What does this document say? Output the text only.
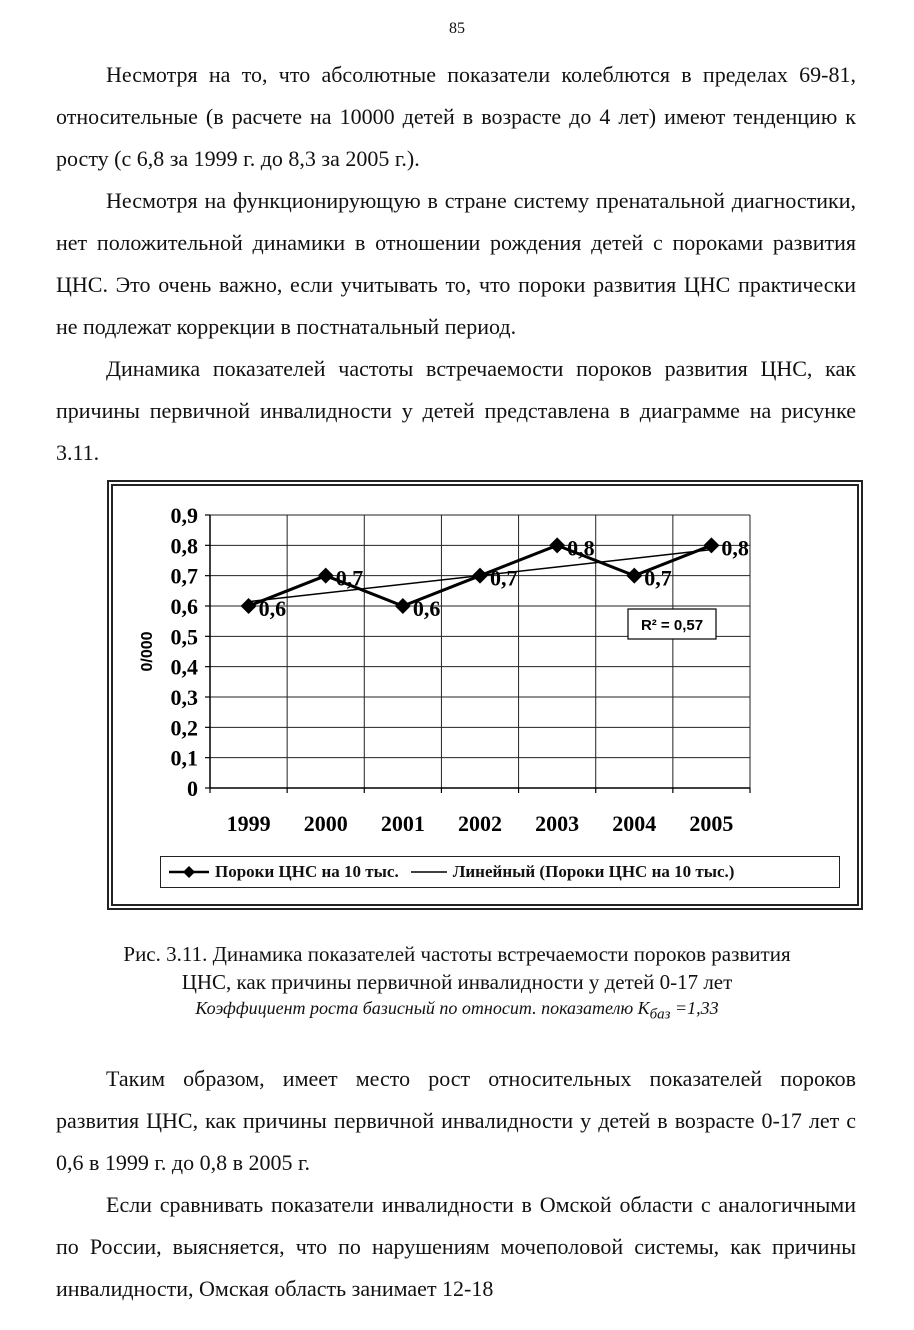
85

Несмотря на то, что абсолютные показатели колеблются в пределах 69-81, относительные (в расчете на 10000 детей в возрасте до 4 лет) имеют тенденцию к росту (с 6,8 за 1999 г. до 8,3 за 2005 г.).

Несмотря на функционирующую в стране систему пренатальной диагностики, нет положительной динамики в отношении рождения детей с пороками развития ЦНС. Это очень важно, если учитывать то, что пороки развития ЦНС практически не подлежат коррекции в постнатальный период.

Динамика показателей частоты встречаемости пороков развития ЦНС, как причины первичной инвалидности у детей представлена в диаграмме на рисунке 3.11.

0
0,1
0,2
0,3
0,4
0,5
0,6
0,7
0,8
0,9
1999 2000 2001 2002 2003 2004 2005
0/000
0,6
0,7
0,6
0,7
0,8
0,7
0,8
R² = 0,57
Пороки ЦНС на 10 тыс.	Линейный (Пороки ЦНС на 10 тыс.)

Рис. 3.11. Динамика показателей частоты встречаемости пороков развития

ЦНС, как причины первичной инвалидности у детей 0-17 лет

Коэффициент роста базисный по относит. показателю $К_{баз} =1,33$

Таким образом, имеет место рост относительных показателей пороков развития ЦНС, как причины первичной инвалидности у детей в возрасте 0-17 лет с 0,6 в 1999 г. до 0,8 в 2005 г.

Если сравнивать показатели инвалидности в Омской области с аналогичными по России, выясняется, что по нарушениям мочеполовой системы, как причины инвалидности, Омская область занимает 12-18
